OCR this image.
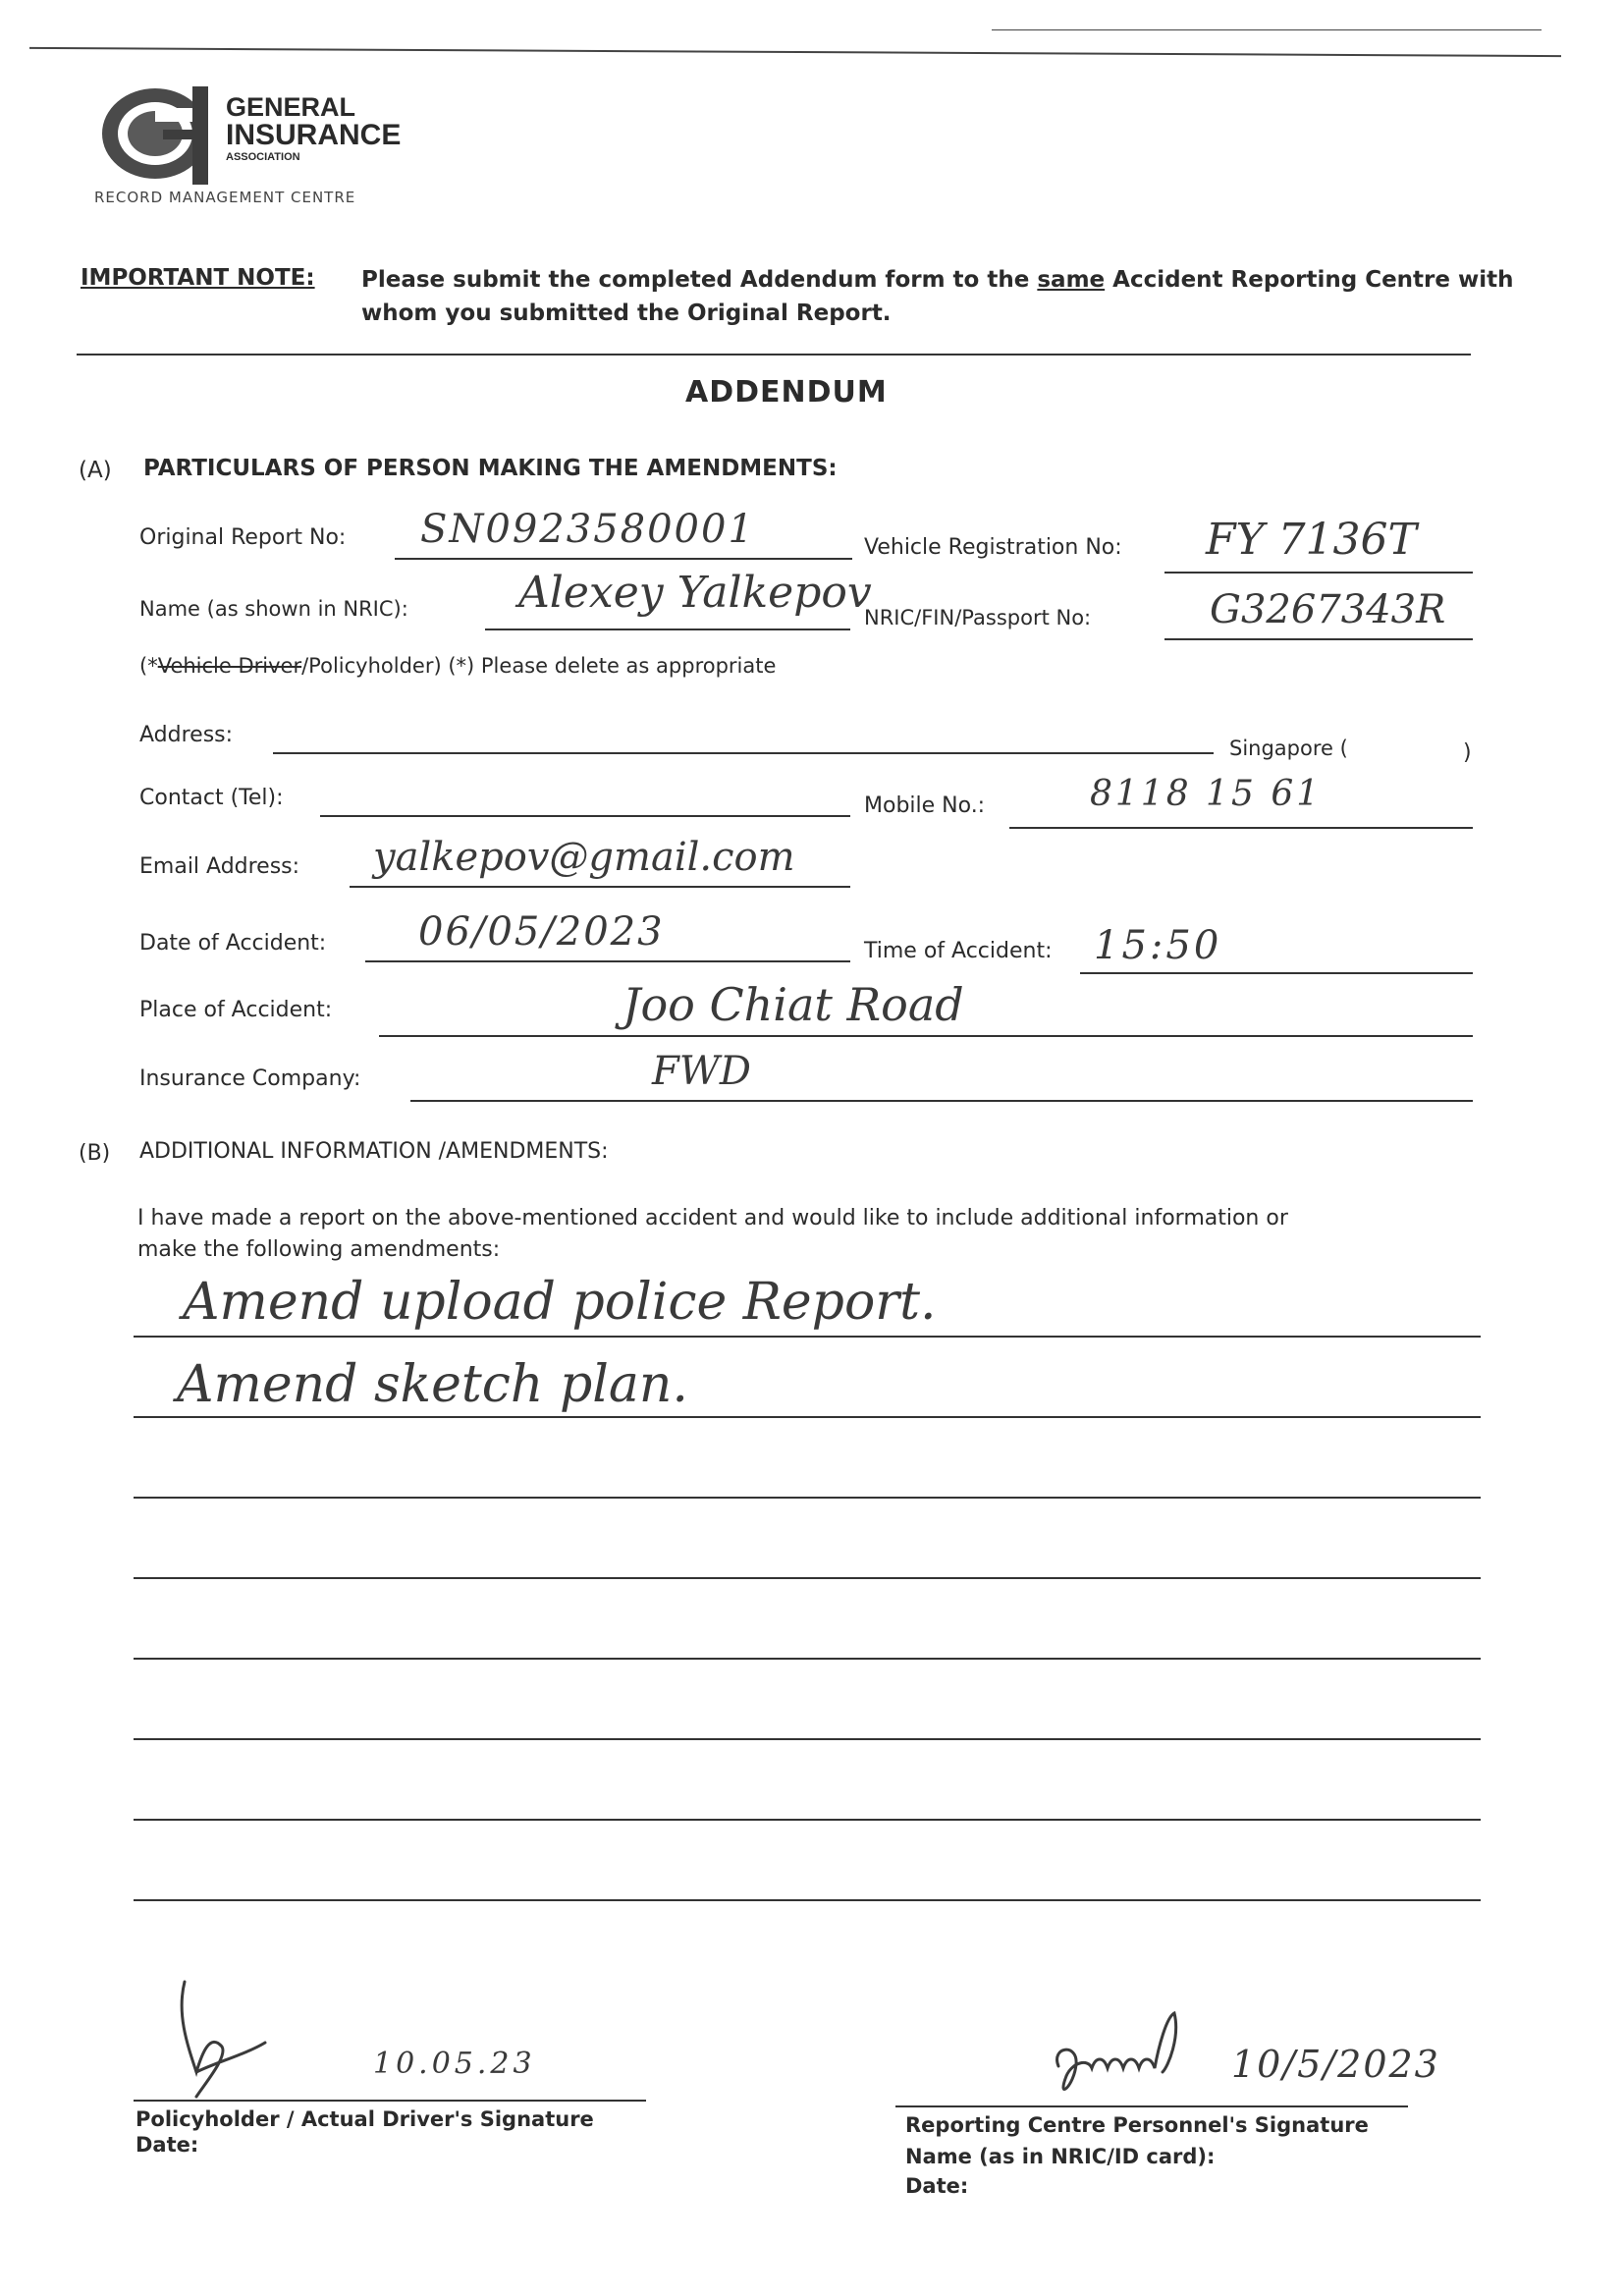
RECORD MANAGEMENT CENTRE
GENERAL
INSURANCE
ASSOCIATION
IMPORTANT NOTE: Please submit the completed Addendum form to the same Accident Reporting Centre with
whom you submitted the Original Report.
ADDENDUM
(A) PARTICULARS OF PERSON MAKING THE AMENDMENTS:
Original Report No: SN0923580001	Vehicle Registration No: FY 7136T
Name (as shown in NRIC):	Alexey Yalkepov
NRIC/FIN/Passport No:	G3267343R
(*Vehicle Driver/Policyholder) (*) Please delete as appropriate
Address:
Singapore (	)
Contact (Tel):	Mobile No.:	8118 15 61
Email Address: yalkepov@gmail.com
Date of Accident: 06/05/2023	Time of Accident: 15:50
Place of Accident:	Joo Chiat Road
Insurance Company:	FWD
(B) ADDITIONAL INFORMATION /AMENDMENTS:
I have made a report on the above-mentioned accident and would like to include additional information or
make the following amendments:
Amend upload police Report.
Amend sketch plan.
10.05.23
Policyholder / Actual Driver's Signature
Date:
10/5/2023
Reporting Centre Personnel's Signature
Name (as in NRIC/ID card):
Date:
